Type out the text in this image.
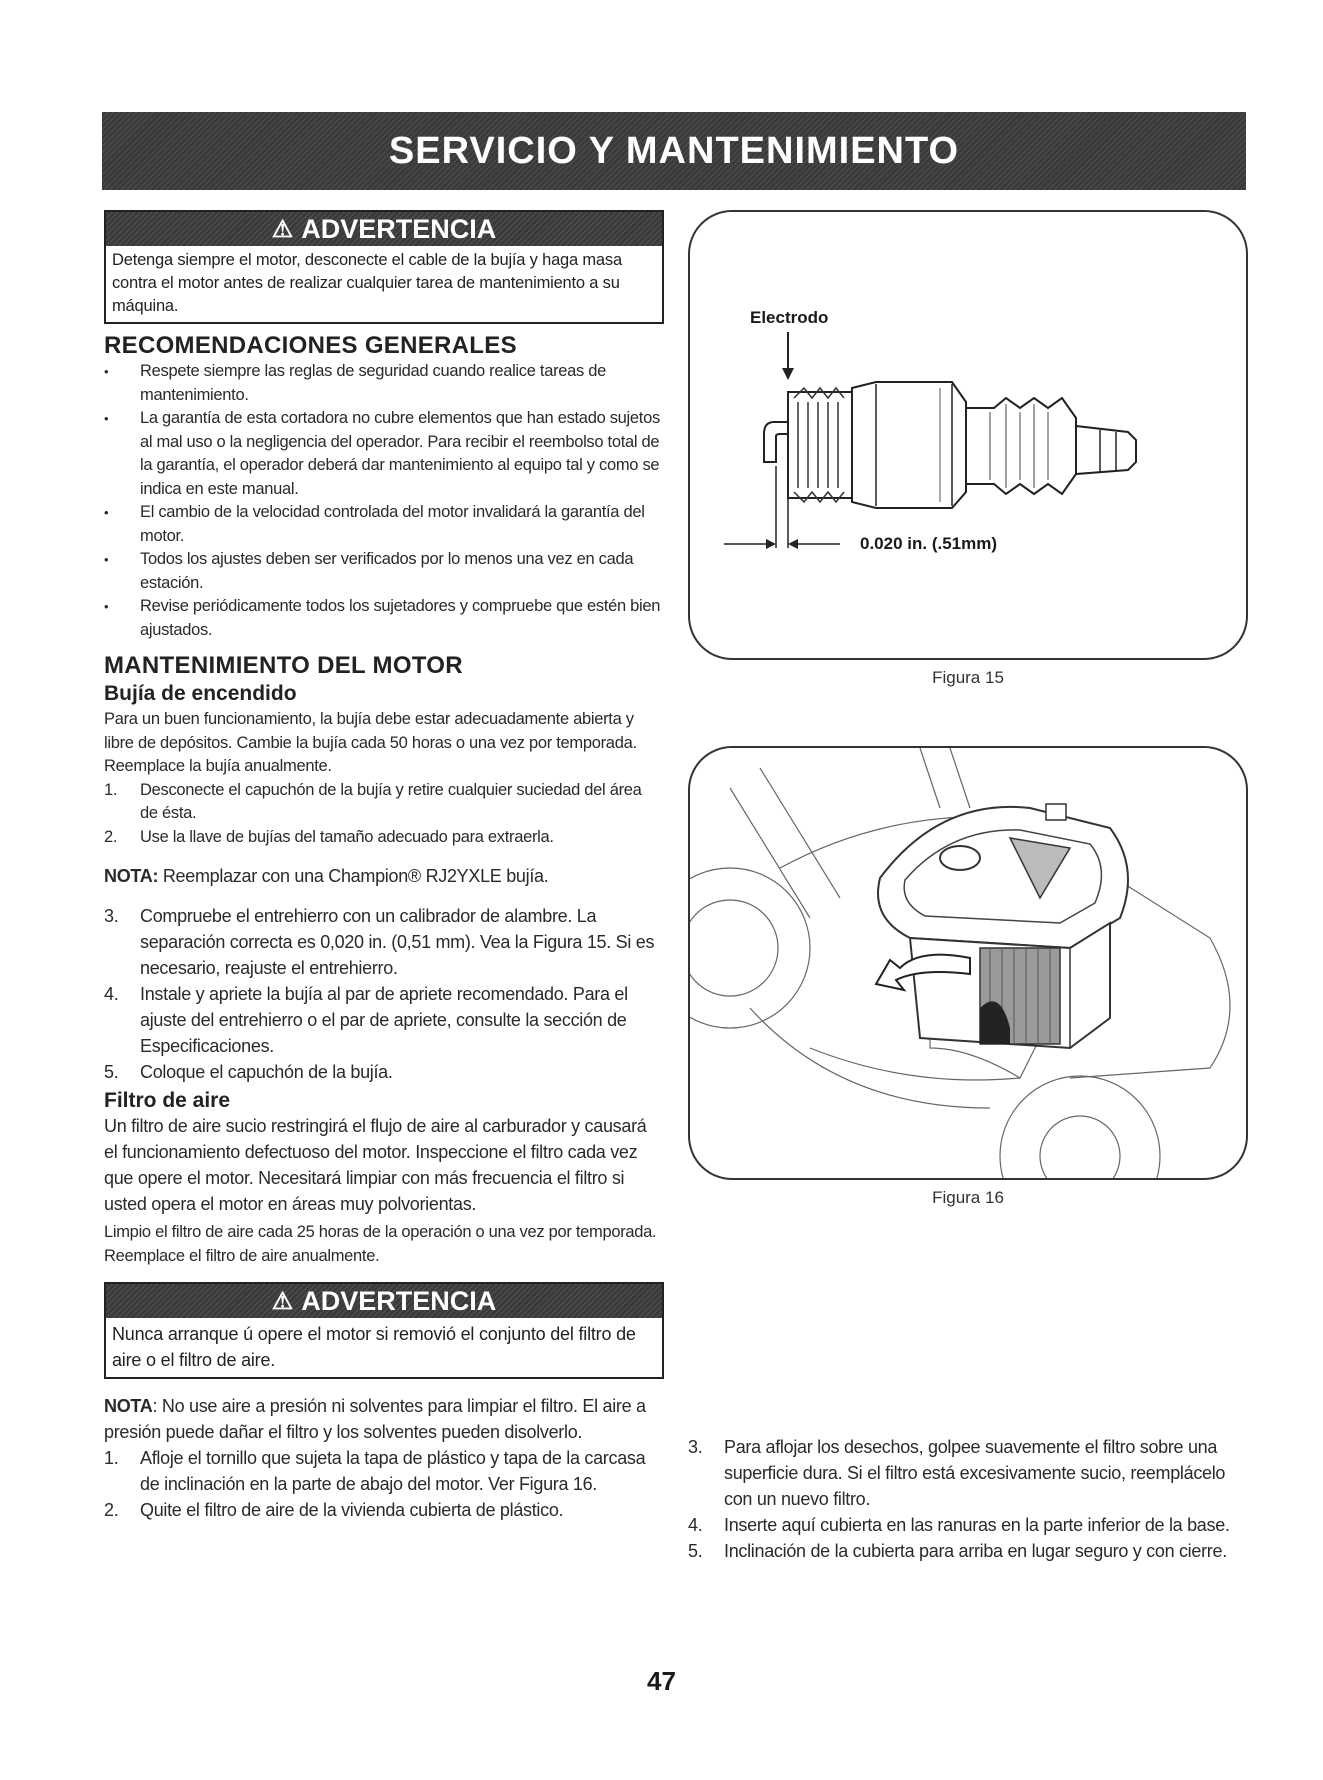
SERVICIO Y MANTENIMIENTO
⚠ ADVERTENCIA
Detenga siempre el motor, desconecte el cable de la bujía y haga masa contra el motor antes de realizar cualquier tarea de mantenimiento a su máquina.
RECOMENDACIONES GENERALES
• Respete siempre las reglas de seguridad cuando realice tareas de mantenimiento.
• La garantía de esta cortadora no cubre elementos que han estado sujetos al mal uso o la negligencia del operador. Para recibir el reembolso total de la garantía, el operador deberá dar mantenimiento al equipo tal y como se indica en este manual.
• El cambio de la velocidad controlada del motor invalidará la garantía del motor.
• Todos los ajustes deben ser verificados por lo menos una vez en cada estación.
• Revise periódicamente todos los sujetadores y compruebe que estén bien ajustados.
MANTENIMIENTO DEL MOTOR
Bujía de encendido
Para un buen funcionamiento, la bujía debe estar adecuadamente abierta y libre de depósitos. Cambie la bujía cada 50 horas o una vez por temporada. Reemplace la bujía anualmente.
1. Desconecte el capuchón de la bujía y retire cualquier suciedad del área de ésta.
2. Use la llave de bujías del tamaño adecuado para extraerla.
NOTA: Reemplazar con una Champion® RJ2YXLE bujía.
3. Compruebe el entrehierro con un calibrador de alambre. La separación correcta es 0,020 in. (0,51 mm). Vea la Figura 15. Si es necesario, reajuste el entrehierro.
4. Instale y apriete la bujía al par de apriete recomendado. Para el ajuste del entrehierro o el par de apriete, consulte la sección de Especificaciones.
5. Coloque el capuchón de la bujía.
Filtro de aire
Un filtro de aire sucio restringirá el flujo de aire al carburador y causará el funcionamiento defectuoso del motor. Inspeccione el filtro cada vez que opere el motor. Necesitará limpiar con más frecuencia el filtro si usted opera el motor en áreas muy polvorientas.
Limpio el filtro de aire cada 25 horas de la operación o una vez por temporada. Reemplace el filtro de aire anualmente.
⚠ ADVERTENCIA
Nunca arranque ú opere el motor si removió el conjunto del filtro de aire o el filtro de aire.
NOTA: No use aire a presión ni solventes para limpiar el filtro. El aire a presión puede dañar el filtro y los solventes pueden disolverlo.
1. Afloje el tornillo que sujeta la tapa de plástico y tapa de la carcasa de inclinación en la parte de abajo del motor. Ver Figura 16.
2. Quite el filtro de aire de la vivienda cubierta de plástico.
Electrodo
0.020 in. (.51mm)
Figura 15
Figura 16
3. Para aflojar los desechos, golpee suavemente el filtro sobre una superficie dura. Si el filtro está excesivamente sucio, reemplácelo con un nuevo filtro.
4. Inserte aquí cubierta en las ranuras en la parte inferior de la base.
5. Inclinación de la cubierta para arriba en lugar seguro y con cierre.
47
